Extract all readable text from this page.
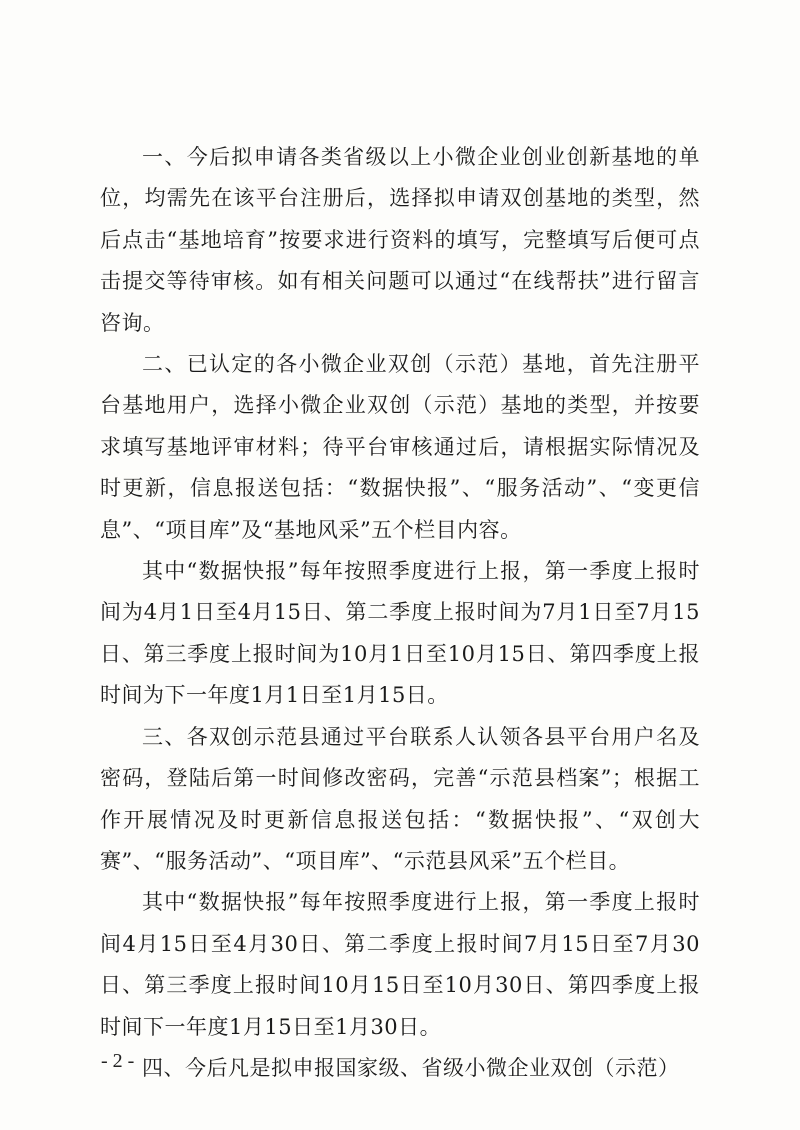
一、今后拟申请各类省级以上小微企业创业创新基地的单位，均需先在该平台注册后，选择拟申请双创基地的类型，然后点击“基地培育”按要求进行资料的填写，完整填写后便可点击提交等待审核。如有相关问题可以通过“在线帮扶”进行留言咨询。

二、已认定的各小微企业双创（示范）基地，首先注册平台基地用户，选择小微企业双创（示范）基地的类型，并按要求填写基地评审材料；待平台审核通过后，请根据实际情况及时更新，信息报送包括：“数据快报”、“服务活动”、“变更信息”、“项目库”及“基地风采”五个栏目内容。

其中“数据快报”每年按照季度进行上报，第一季度上报时间为4月1日至4月15日、第二季度上报时间为7月1日至7月15日、第三季度上报时间为10月1日至10月15日、第四季度上报时间为下一年度1月1日至1月15日。

三、各双创示范县通过平台联系人认领各县平台用户名及密码，登陆后第一时间修改密码，完善“示范县档案”；根据工作开展情况及时更新信息报送包括：“数据快报”、“双创大赛”、“服务活动”、“项目库”、“示范县风采”五个栏目。

其中“数据快报”每年按照季度进行上报，第一季度上报时间4月15日至4月30日、第二季度上报时间7月15日至7月30日、第三季度上报时间10月15日至10月30日、第四季度上报时间下一年度1月15日至1月30日。

四、今后凡是拟申报国家级、省级小微企业双创（示范）

- 2 -
